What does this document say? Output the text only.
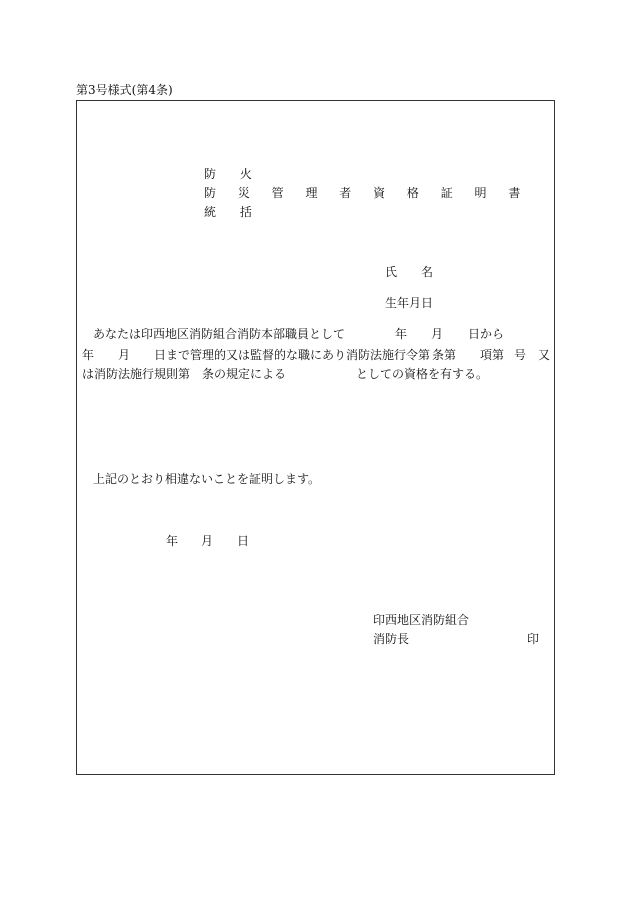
第3号様式(第4条)
防 火
防 災 管 理 者 資 格 証 明 書
統 括
氏　　名
生年月日
あなたは印西地区消防組合消防本部職員として	年 月 日から
年 月 日まで管理的又は監督的な職にあり消防法施行令第 条第 項第 号 又
は消防法施行規則第　条の規定による	としての資格を有する。
上記のとおり相違ないことを証明します。
年 月 日
印西地区消防組合
消防長	印
